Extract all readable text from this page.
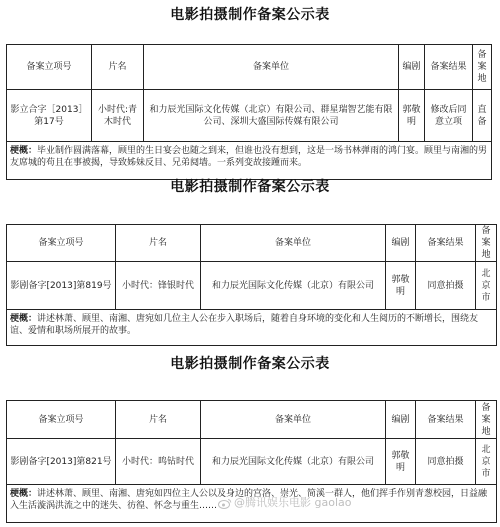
电影拍摄制作备案公示表
备案立项号	片名	备案单位	编剧	备案结果	备案地
影立合字［2013］第17号	小时代:青木时代	和力辰光国际文化传媒（北京）有限公司、群星瑞智艺能有限公司、深圳大盛国际传媒有限公司	郭敬明	修改后同意立项	直备
梗概：毕业制作圆满落幕，顾里的生日宴会也随之到来，但谁也没有想到，这是一场书林弹雨的鸿门宴。顾里与南湘的男友席城的苟且在事被揭，导致姊妹反目、兄弟阋墙。一系列变故接踵而来。					
电影拍摄制作备案公示表
备案立项号	片名	备案单位	编剧	备案结果	备案地
影剧备字[2013]第819号	小时代：锋银时代	和力辰光国际文化传媒（北京）有限公司	郭敬明	同意拍摄	北京市
梗概：讲述林萧、顾里、南湘、唐宛如几位主人公在步入职场后，随着自身环境的变化和人生阅历的不断增长，围绕友谊、爱情和职场所展开的故事。					
电影拍摄制作备案公示表
备案立项号	片名	备案单位	编剧	备案结果	备案地
影剧备字[2013]第821号	小时代：鸣钻时代	和力辰光国际文化传媒（北京）有限公司	郭敬明	同意拍摄	北京市
梗概：讲述林萧、顾里、南湘、唐宛如四位主人公以及身边的宫洛、崇光、简溪一群人，他们挥手作别青葱校园，日益融入生活漩涡洪流之中的迷失、彷徨、怀念与重生……						@腾讯娱乐电影 gaolao
